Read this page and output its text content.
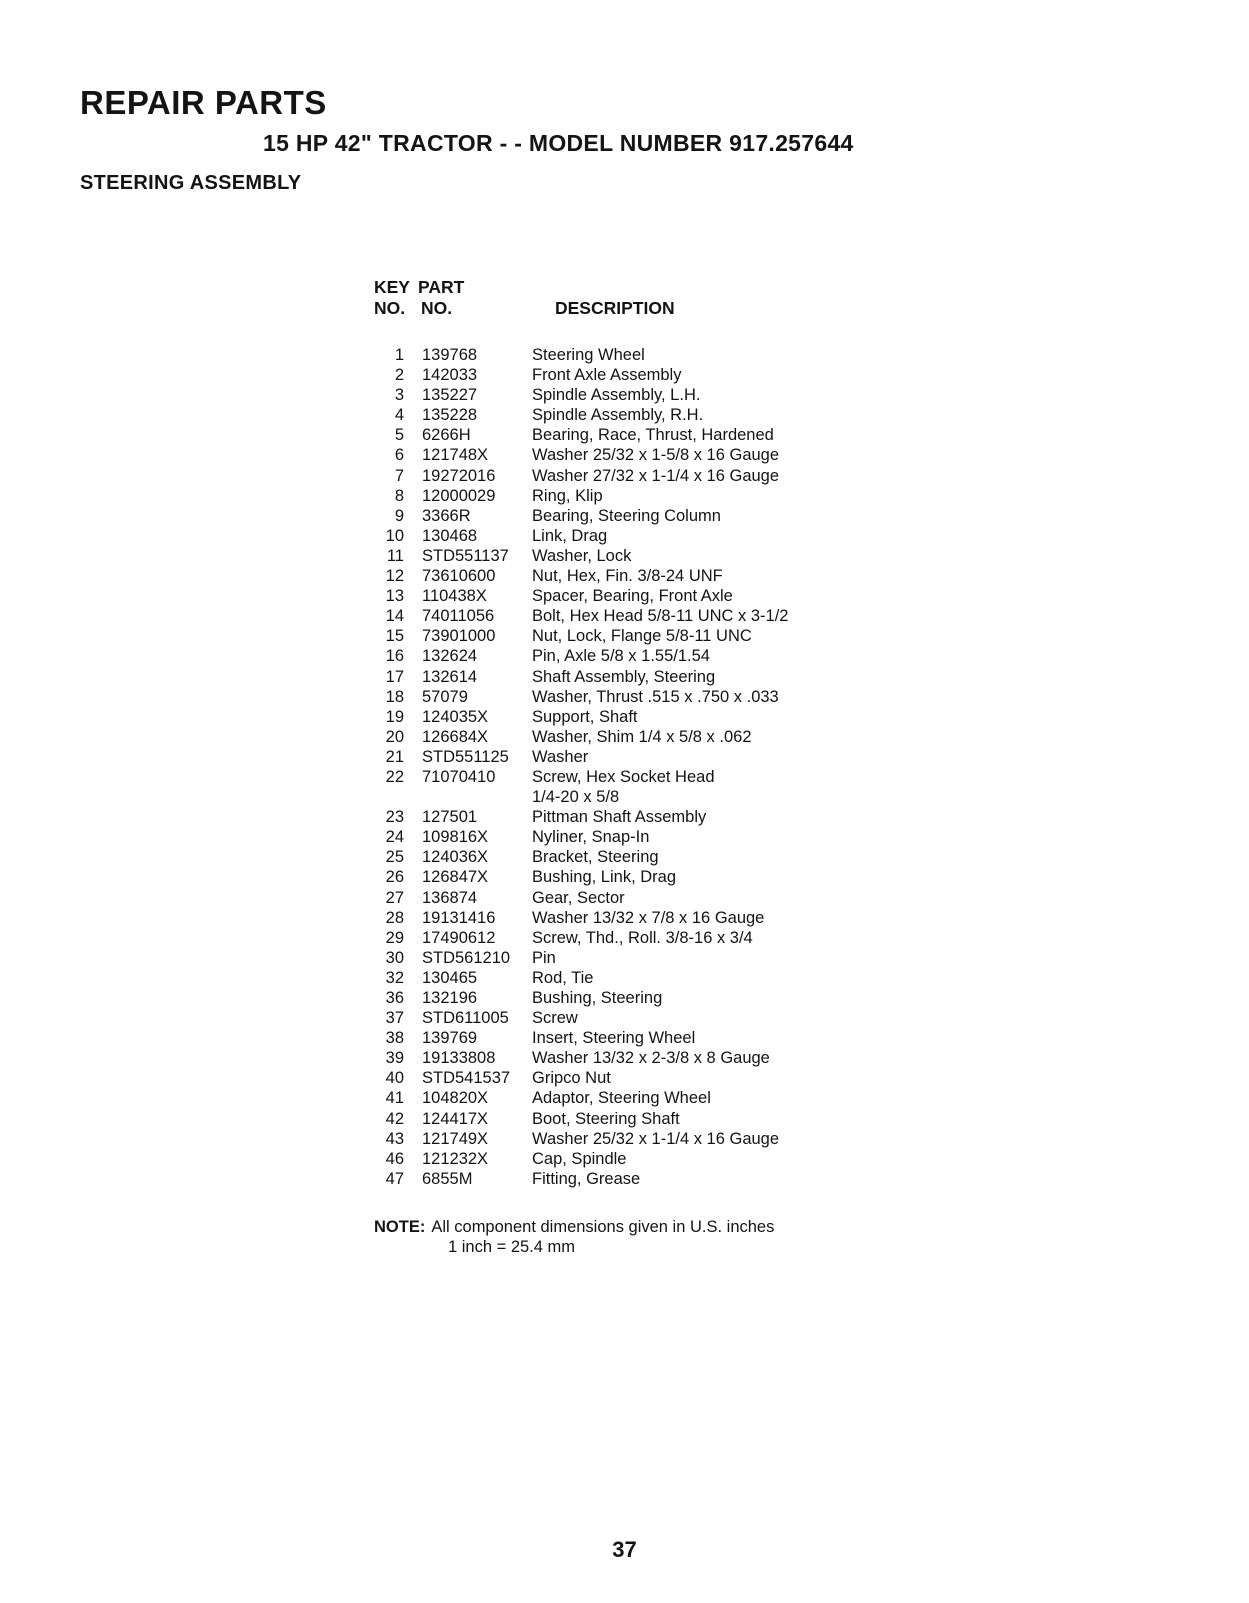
REPAIR PARTS
15 HP 42" TRACTOR - - MODEL NUMBER 917.257644
STEERING ASSEMBLY
KEY
NO.
PART
NO.	DESCRIPTION
1	139768	Steering Wheel
2	142033	Front Axle Assembly
3	135227	Spindle Assembly, L.H.
4	135228	Spindle Assembly, R.H.
5	6266H	Bearing, Race, Thrust, Hardened
6	121748X	Washer 25/32 x 1-5/8 x 16 Gauge
7	19272016	Washer 27/32 x 1-1/4 x 16 Gauge
8	12000029	Ring, Klip
9	3366R	Bearing, Steering Column
10	130468	Link, Drag
11	STD551137	Washer, Lock
12	73610600	Nut, Hex, Fin. 3/8-24 UNF
13	110438X	Spacer, Bearing, Front Axle
14	74011056	Bolt, Hex Head 5/8-11 UNC x 3-1/2
15	73901000	Nut, Lock, Flange 5/8-11 UNC
16	132624	Pin, Axle 5/8 x 1.55/1.54
17	132614	Shaft Assembly, Steering
18	57079	Washer, Thrust .515 x .750 x .033
19	124035X	Support, Shaft
20	126684X	Washer, Shim 1/4 x 5/8 x .062
21	STD551125	Washer
22	71070410	Screw, Hex Socket Head
1/4-20 x 5/8
23	127501	Pittman Shaft Assembly
24	109816X	Nyliner, Snap-In
25	124036X	Bracket, Steering
26	126847X	Bushing, Link, Drag
27	136874	Gear, Sector
28	19131416	Washer 13/32 x 7/8 x 16 Gauge
29	17490612	Screw, Thd., Roll. 3/8-16 x 3/4
30	STD561210	Pin
32	130465	Rod, Tie
36	132196	Bushing, Steering
37	STD611005	Screw
38	139769	Insert, Steering Wheel
39	19133808	Washer 13/32 x 2-3/8 x 8 Gauge
40	STD541537	Gripco Nut
41	104820X	Adaptor, Steering Wheel
42	124417X	Boot, Steering Shaft
43	121749X	Washer 25/32 x 1-1/4 x 16 Gauge
46	121232X	Cap, Spindle
47	6855M	Fitting, Grease
NOTE: All component dimensions given in U.S. inches
1 inch = 25.4 mm
37
